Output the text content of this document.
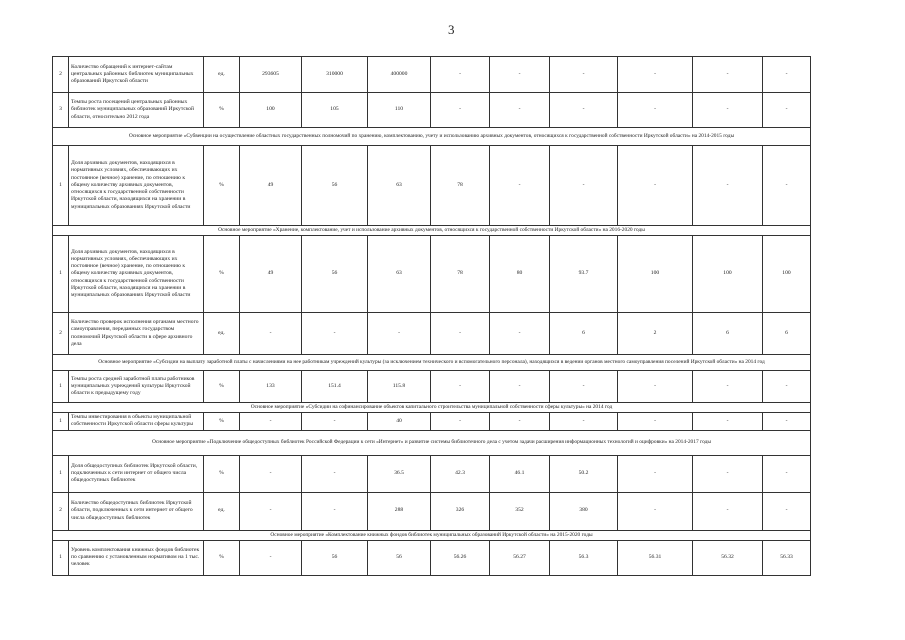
3
2	Количество обращений к интернет-сайтам центральных районных библиотек муниципальных образований Иркутской области	ед.	293605	310000	400000	-	-	-	-	-	-
3	Темпы роста посещений центральных районных библиотек муниципальных образований Иркутской области, относительно 2012 года	%	100	105	110	-	-	-	-	-	-
Основное мероприятие «Субвенции на осуществление областных государственных полномочий по хранению, комплектованию, учету и использованию архивных документов, относящихся к государственной собственности Иркутской области» на 2014-2015 годы											
1	Доля архивных документов, находящихся в нормативных условиях, обеспечивающих их постоянное (вечное) хранение, по отношению к общему количеству архивных документов, относящихся к государственной собственности Иркутской области, находящихся на хранении в муниципальных образованиях Иркутской области	%	49	56	63	78	-	-	-	-	-
Основное мероприятие «Хранение, комплектование, учет и использование архивных документов, относящихся к государственной собственности Иркутской области» на 2016-2020 годы											
1	Доля архивных документов, находящихся в нормативных условиях, обеспечивающих их постоянное (вечное) хранение, по отношению к общему количеству архивных документов, относящихся к государственной собственности Иркутской области, находящихся на хранении в муниципальных образованиях Иркутской области	%	49	56	63	78	80	93.7	100	100	100
2	Количество проверок исполнения органами местного самоуправления, переданных государством полномочий Иркутской области в сфере архивного дела	ед.	-	-	-	-	-	6	2	6	6
Основное мероприятие «Субсидии на выплату заработной платы с начислениями на нее работникам учреждений культуры (за исключением технического и вспомогательного персонала), находящихся в ведении органов местного самоуправления поселений Иркутской области» на 2014 год											
1	Темпы роста средней заработной платы работников муниципальных учреждений культуры Иркутской области к предыдущему году	%	133	151.4	115.8	-	-	-	-	-	-
Основное мероприятие «Субсидии на софинансирование объектов капитального строительства муниципальной собственности сферы культуры» на 2014 год											
1	Темпы инвестирования в объекты муниципальной собственности Иркутской области сферы культуры	%	-	-	40	-	-	-	-	-	-
Основное мероприятие «Подключение общедоступных библиотек Российской Федерации к сети «Интернет» и развитие системы библиотечного дела с учетом задачи расширения информационных технологий и оцифровки» на 2014-2017 годы											
1	Доля общедоступных библиотек Иркутской области, подключенных к сети интернет от общего числа общедоступных библиотек	%	-	-	36.5	42.3	46.1	50.2	-	-	-
2	Количество общедоступных библиотек Иркутской области, подключенных к сети интернет от общего числа общедоступных библиотек	ед.	-	-	288	326	352	380	-	-	-
Основное мероприятие «Комплектование книжных фондов библиотек муниципальных образований Иркутской области» на 2015-2020 годы											
1	Уровень комплектования книжных фондов библиотек по сравнению с установленным нормативом на 1 тыс. человек	%	-	56	56	56.26	56.27	56.3	56.31	56.32	56.33
